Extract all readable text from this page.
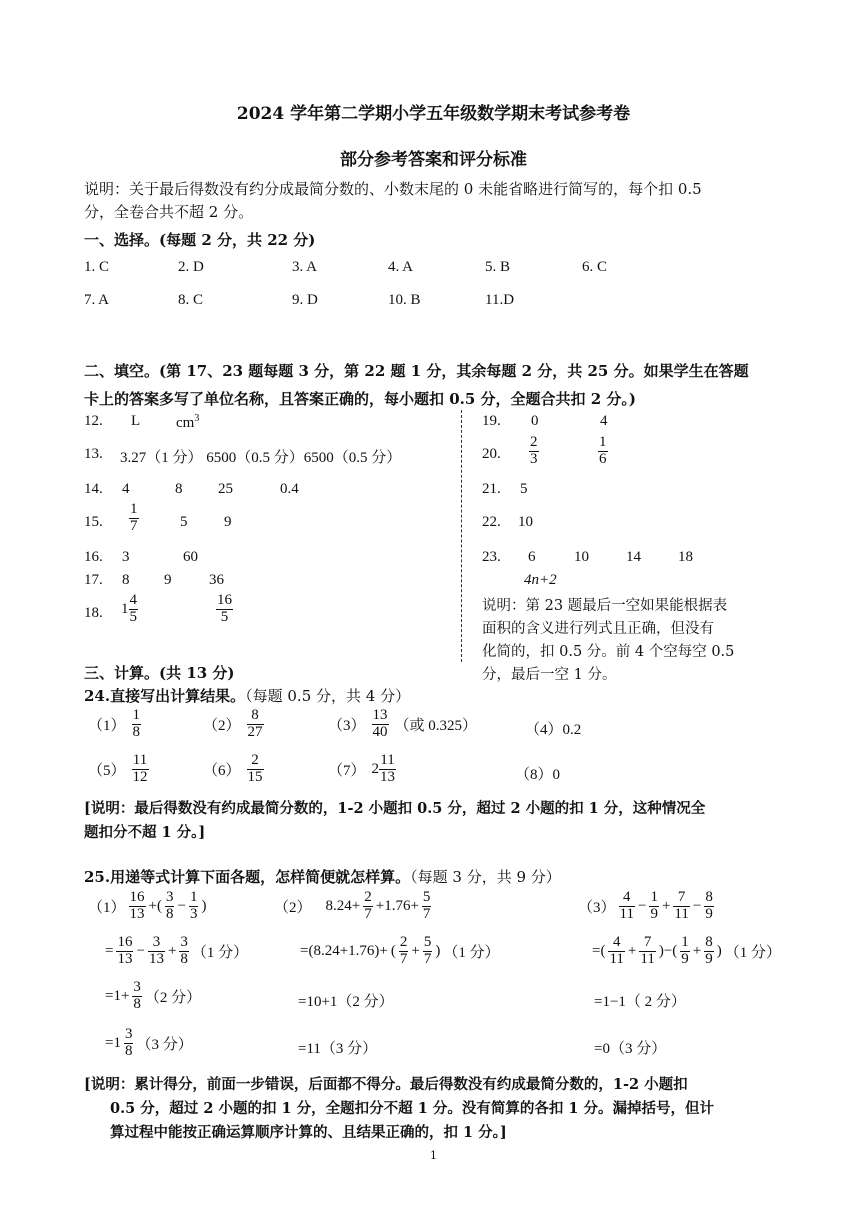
2024 学年第二学期小学五年级数学期末考试参考卷
部分参考答案和评分标准
说明：关于最后得数没有约分成最简分数的、小数末尾的 0 未能省略进行简写的，每个扣 0.5
分，全卷合共不超 2 分。
一、选择。(每题 2 分，共 22 分)
1. C	2. D	3. A	4. A	5. B	6. C
7. A	8. C	9. D	10. B	11.D
二、填空。(第 17、23 题每题 3 分，第 22 题 1 分，其余每题 2 分，共 25 分。如果学生在答题
卡上的答案多写了单位名称，且答案正确的，每小题扣 0.5 分，全题合共扣 2 分。)
12. L $cm^3$
13. 3.27（1 分） 6500（0.5 分）6500（0.5 分）
14. 4	8 25	0.4
15. $\frac{1}{7}$	5 9
16. 3	60
17. 8 9	36
18. $1 \frac{4}{5}$	$\frac{16}{5}$
19. 0	4
20. $\frac{2}{3}$	$\frac{1}{6}$
21. 5
22. 10
23. 6	10 14 18
4n+2
说明：第 23 题最后一空如果能根据表
面积的含义进行列式且正确，但没有
化简的，扣 0.5 分。前 4 个空每空 0.5
分，最后一空 1 分。
三、计算。(共 13 分)
24.直接写出计算结果。（每题 0.5 分，共 4 分）
$(1) \frac{1}{8}$	$(2) \frac{8}{27}$	$(3) \frac{13}{40}$ （或 0.325）	（4）0.2
$(5) \frac{11}{12}$	$(6) \frac{2}{15}$	（7） $2 \frac{11}{13}$	（8）0
[说明：最后得数没有约成最简分数的，1-2 小题扣 0.5 分，超过 2 小题的扣 1 分，这种情况全
题扣分不超 1 分。]
25.用递等式计算下面各题，怎样简便就怎样算。（每题 3 分，共 9 分）
$(1) \frac{16}{13}$ +( $\frac{3}{8} - \frac{1}{3}$ )
= $\frac{16}{13} - \frac{3}{13} + \frac{3}{8} (1$ 分）
$=1+ \frac{3}{8} (2$ 分）
$=1 \frac{3}{8} (3$ 分）
（2） $8.24+ \frac{2}{7} +1.76+ \frac{5}{7}$
=(8.24+1.76)+ ( $\frac{2}{7} + \frac{5}{7}$ ) （1 分）
=10+1（2 分）
=11（3 分）
$(3) \frac{4}{11} - \frac{1}{9} + \frac{7}{11} - \frac{8}{9}$
=( $\frac{4}{11} + \frac{7}{11}$ )−( $\frac{1}{9} + \frac{8}{9}$ ) （1 分）
=1−1（ 2 分）
=0（3 分）
[说明：累计得分，前面一步错误，后面都不得分。最后得数没有约成最简分数的，1-2 小题扣
0.5 分，超过 2 小题的扣 1 分，全题扣分不超 1 分。没有简算的各扣 1 分。漏掉括号，但计
算过程中能按正确运算顺序计算的、且结果正确的，扣 1 分。]
1
